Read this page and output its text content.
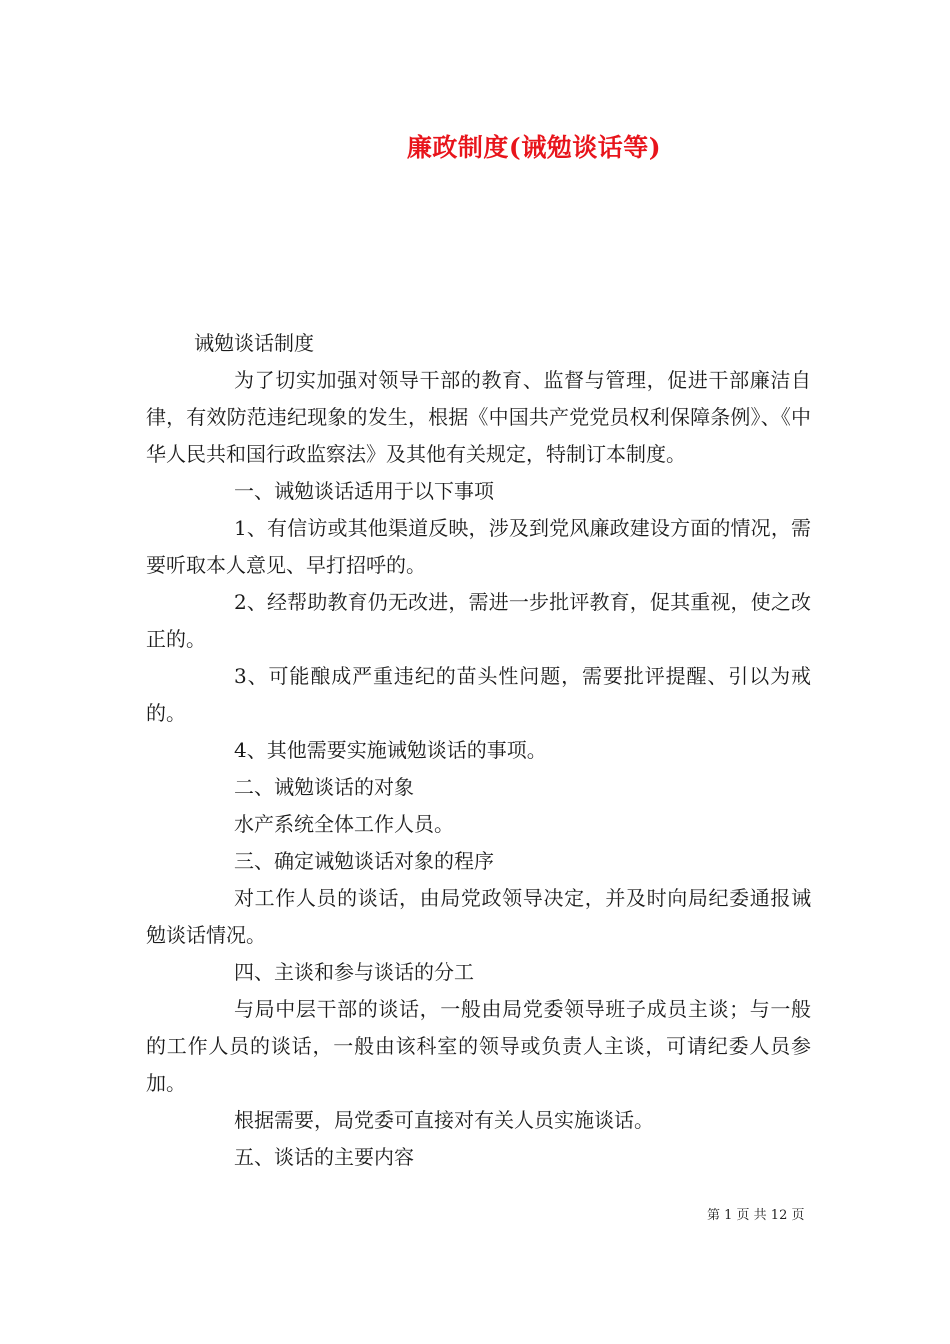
廉政制度(诫勉谈话等)

诫勉谈话制度

为了切实加强对领导干部的教育、监督与管理，促进干部廉洁自律，有效防范违纪现象的发生，根据《中国共产党党员权利保障条例》、《中华人民共和国行政监察法》及其他有关规定，特制订本制度。

一、诫勉谈话适用于以下事项

1、有信访或其他渠道反映，涉及到党风廉政建设方面的情况，需要听取本人意见、早打招呼的。

2、经帮助教育仍无改进，需进一步批评教育，促其重视，使之改正的。

3、可能酿成严重违纪的苗头性问题，需要批评提醒、引以为戒的。

4、其他需要实施诫勉谈话的事项。

二、诫勉谈话的对象

水产系统全体工作人员。

三、确定诫勉谈话对象的程序

对工作人员的谈话，由局党政领导决定，并及时向局纪委通报诫勉谈话情况。

四、主谈和参与谈话的分工

与局中层干部的谈话，一般由局党委领导班子成员主谈；与一般的工作人员的谈话，一般由该科室的领导或负责人主谈，可请纪委人员参加。

根据需要，局党委可直接对有关人员实施谈话。

五、谈话的主要内容

第 1 页 共 12 页
